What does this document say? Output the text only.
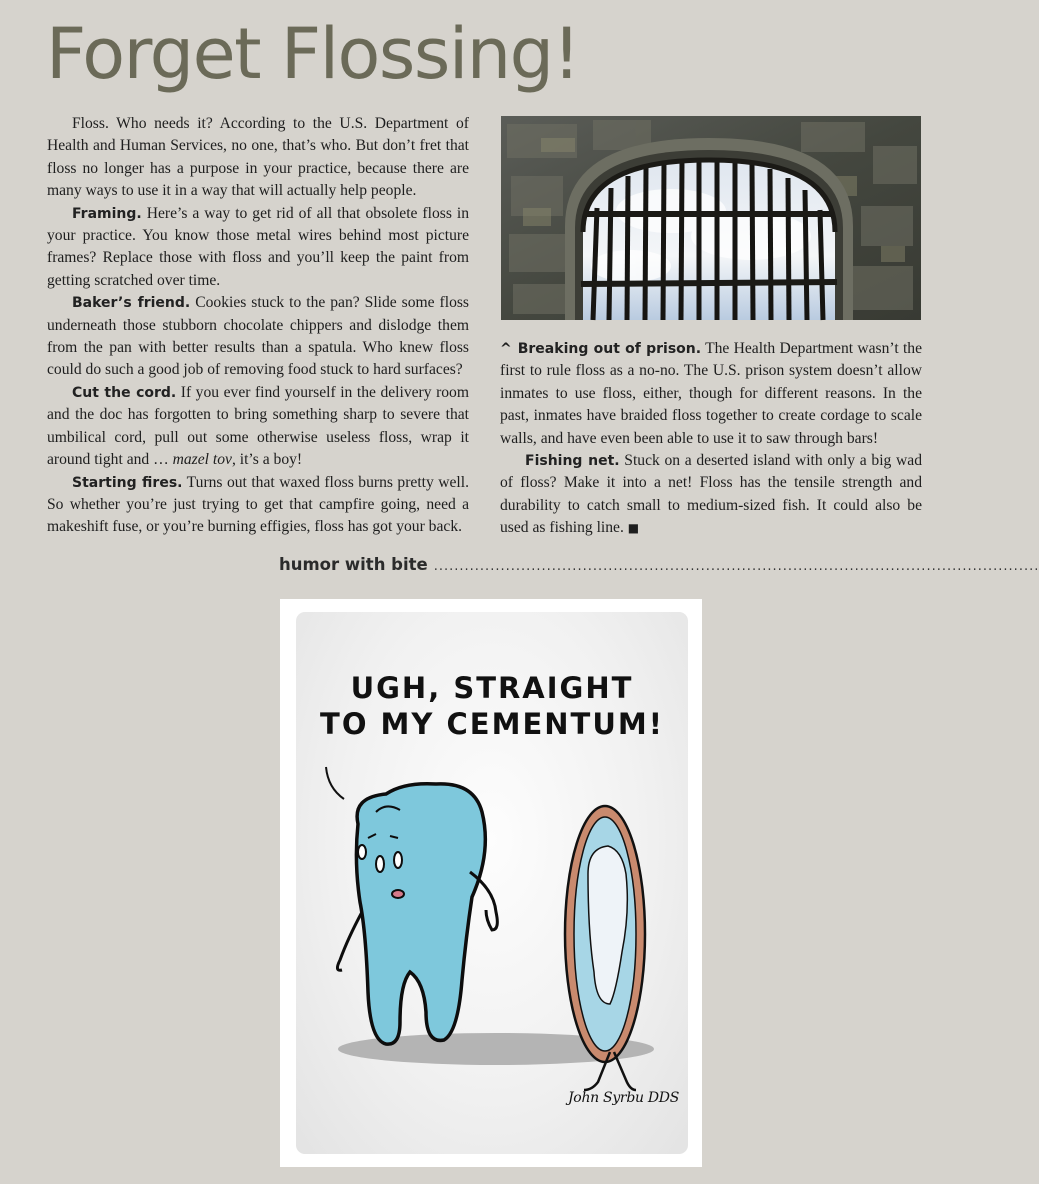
Forget Flossing!

Floss. Who needs it? According to the U.S. Department of Health and Human Services, no one, that’s who. But don’t fret that floss no longer has a purpose in your practice, because there are many ways to use it in a way that will actually help people.

Framing. Here’s a way to get rid of all that obsolete floss in your practice. You know those metal wires behind most picture frames? Replace those with floss and you’ll keep the paint from getting scratched over time.

Baker’s friend. Cookies stuck to the pan? Slide some floss underneath those stubborn chocolate chippers and dislodge them from the pan with better results than a spatula. Who knew floss could do such a good job of removing food stuck to hard surfaces?

Cut the cord. If you ever find yourself in the delivery room and the doc has forgotten to bring something sharp to severe that umbilical cord, pull out some otherwise useless floss, wrap it around tight and … mazel tov, it’s a boy!

Starting fires. Turns out that waxed floss burns pretty well. So whether you’re just trying to get that campfire going, need a makeshift fuse, or you’re burning effigies, floss has got your back.

^ Breaking out of prison. The Health Department wasn’t the first to rule floss as a no-no. The U.S. prison system doesn’t allow inmates to use floss, either, though for different reasons. In the past, inmates have braided floss together to create cordage to scale walls, and have even been able to use it to saw through bars!

Fishing net. Stuck on a deserted island with only a big wad of floss? Make it into a net! Floss has the tensile strength and durability to catch small to medium-sized fish. It could also be used as fishing line. ■

humor with bite ......................................................................................................................
UGH, STRAIGHT
TO MY CEMENTUM!
John Syrbu DDS
